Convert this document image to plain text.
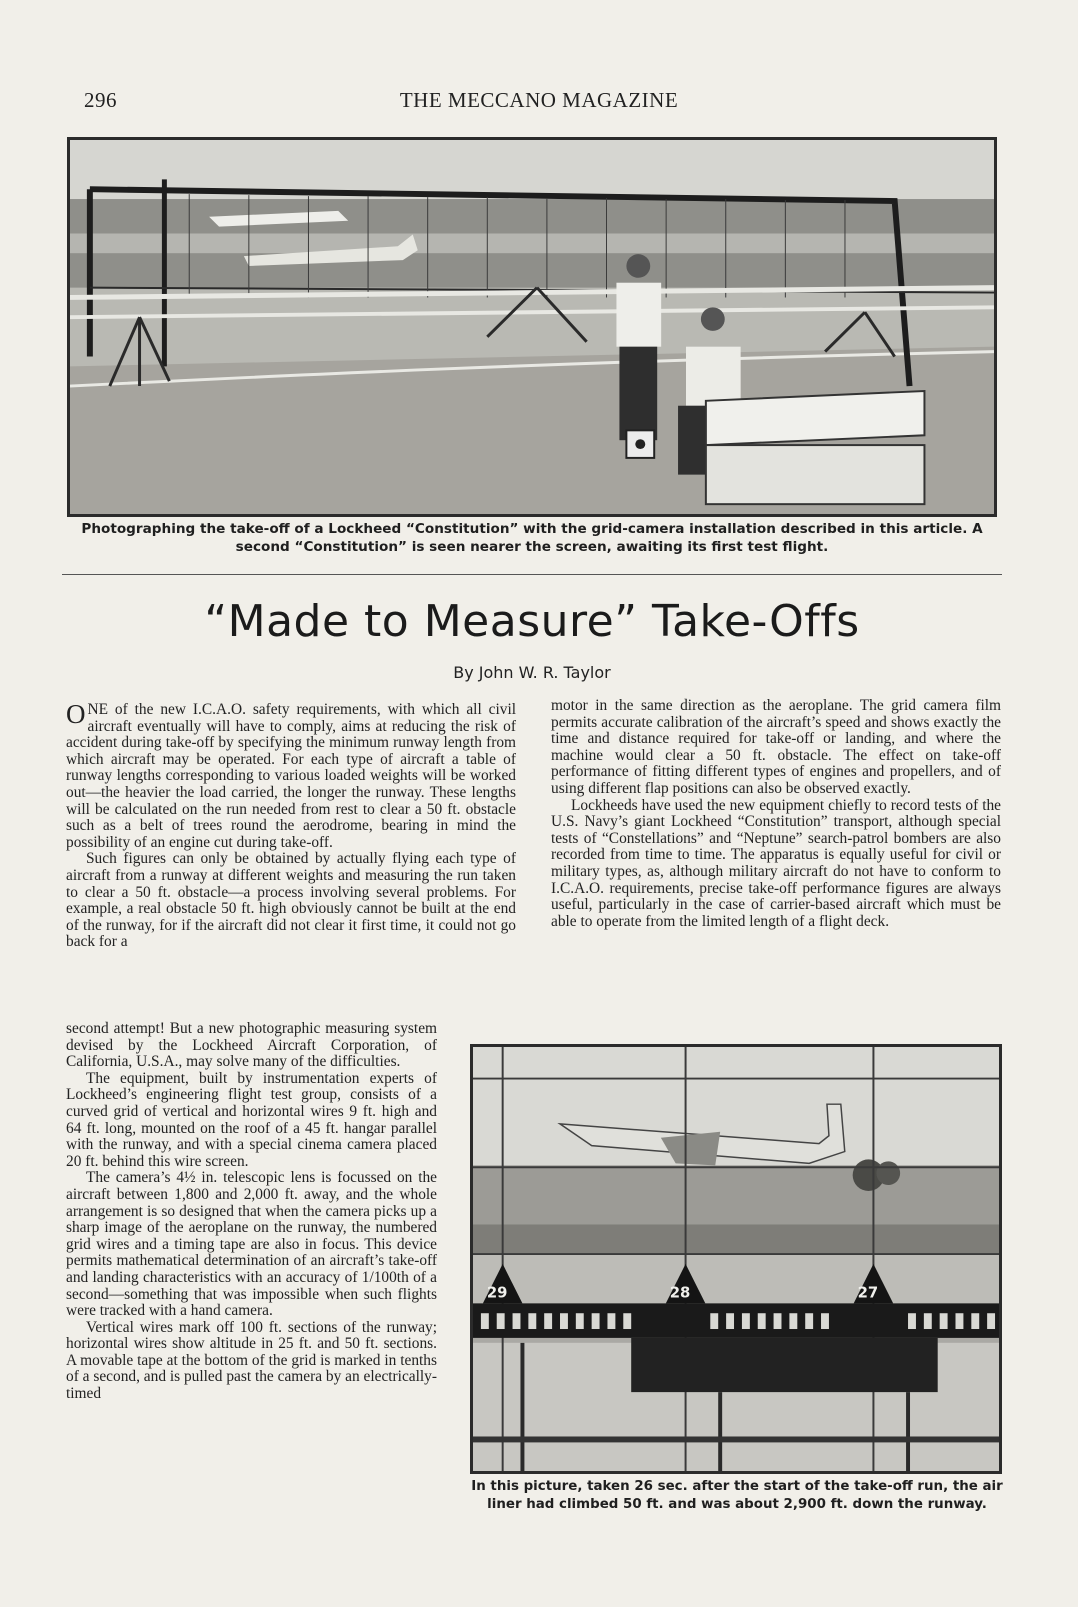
296	THE MECCANO MAGAZINE
Photographing the take-off of a Lockheed “Constitution” with the grid-camera installation described in this article. A second “Constitution” is seen nearer the screen, awaiting its first test flight.
“Made to Measure” Take-Offs
By John W. R. Taylor

ONE of the new I.C.A.O. safety requirements, with which all civil aircraft eventually will have to comply, aims at reducing the risk of accident during take-off by specifying the minimum runway length from which aircraft may be operated. For each type of aircraft a table of runway lengths corresponding to various loaded weights will be worked out—the heavier the load carried, the longer the runway. These lengths will be calculated on the run needed from rest to clear a 50 ft. obstacle such as a belt of trees round the aerodrome, bearing in mind the possibility of an engine cut during take-off.

Such figures can only be obtained by actually flying each type of aircraft from a runway at different weights and measuring the run taken to clear a 50 ft. obstacle—a process involving several problems. For example, a real obstacle 50 ft. high obviously cannot be built at the end of the runway, for if the aircraft did not clear it first time, it could not go back for a

second attempt! But a new photographic measuring system devised by the Lockheed Aircraft Corporation, of California, U.S.A., may solve many of the difficulties.

The equipment, built by instrumentation experts of Lockheed’s engineering flight test group, consists of a curved grid of vertical and horizontal wires 9 ft. high and 64 ft. long, mounted on the roof of a 45 ft. hangar parallel with the runway, and with a special cinema camera placed 20 ft. behind this wire screen.

The camera’s 4½ in. telescopic lens is focussed on the aircraft between 1,800 and 2,000 ft. away, and the whole arrangement is so designed that when the camera picks up a sharp image of the aeroplane on the runway, the numbered grid wires and a timing tape are also in focus. This device permits mathematical determination of an aircraft’s take-off and landing characteristics with an accuracy of 1/100th of a second—something that was impossible when such flights were tracked with a hand camera.

Vertical wires mark off 100 ft. sections of the runway; horizontal wires show altitude in 25 ft. and 50 ft. sections. A movable tape at the bottom of the grid is marked in tenths of a second, and is pulled past the camera by an electrically-timed

motor in the same direction as the aeroplane. The grid camera film permits accurate calibration of the aircraft’s speed and shows exactly the time and distance required for take-off or landing, and where the machine would clear a 50 ft. obstacle. The effect on take-off performance of fitting different types of engines and propellers, and of using different flap positions can also be observed exactly.

Lockheeds have used the new equipment chiefly to record tests of the U.S. Navy’s giant Lockheed “Constitution” transport, although special tests of “Constellations” and “Neptune” search-patrol bombers are also recorded from time to time. The apparatus is equally useful for civil or military types, as, although military aircraft do not have to conform to I.C.A.O. requirements, precise take-off performance figures are always useful, particularly in the case of carrier-based aircraft which must be able to operate from the limited length of a flight deck.

29	28	27
In this picture, taken 26 sec. after the start of the take-off run, the air liner had climbed 50 ft. and was about 2,900 ft. down the runway.
